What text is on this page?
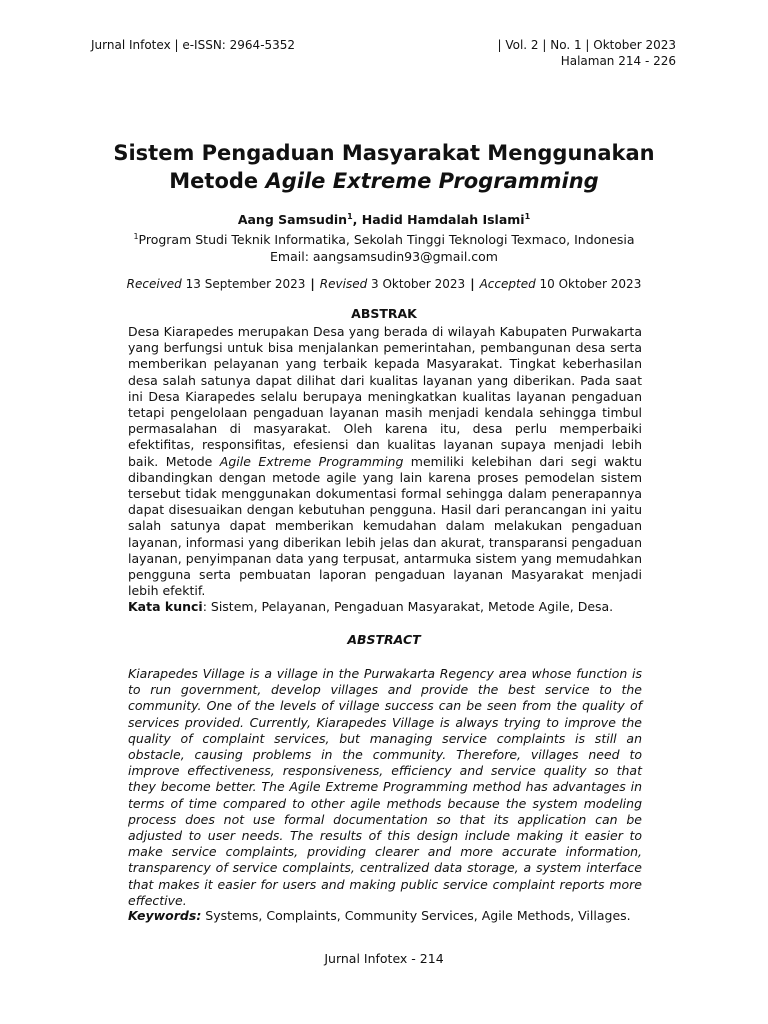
Jurnal Infotex | e-ISSN: 2964-5352	| Vol. 2 | No. 1 | Oktober 2023
Halaman 214 - 226
Sistem Pengaduan Masyarakat Menggunakan
Metode Agile Extreme Programming
Aang Samsudin$^1$, Hadid Hamdalah Islami$^1$
$^1$Program Studi Teknik Informatika, Sekolah Tinggi Teknologi Texmaco, Indonesia
Email: aangsamsudin93@gmail.com
Received 13 September 2023 | Revised 3 Oktober 2023 | Accepted 10 Oktober 2023
ABSTRAK

Desa Kiarapedes merupakan Desa yang berada di wilayah Kabupaten Purwakarta yang berfungsi untuk bisa menjalankan pemerintahan, pembangunan desa serta memberikan pelayanan yang terbaik kepada Masyarakat. Tingkat keberhasilan desa salah satunya dapat dilihat dari kualitas layanan yang diberikan. Pada saat ini Desa Kiarapedes selalu berupaya meningkatkan kualitas layanan pengaduan tetapi pengelolaan pengaduan layanan masih menjadi kendala sehingga timbul permasalahan di masyarakat. Oleh karena itu, desa perlu memperbaiki efektifitas, responsifitas, efesiensi dan kualitas layanan supaya menjadi lebih baik. Metode Agile Extreme Programming memiliki kelebihan dari segi waktu dibandingkan dengan metode agile yang lain karena proses pemodelan sistem tersebut tidak menggunakan dokumentasi formal sehingga dalam penerapannya dapat disesuaikan dengan kebutuhan pengguna. Hasil dari perancangan ini yaitu salah satunya dapat memberikan kemudahan dalam melakukan pengaduan layanan, informasi yang diberikan lebih jelas dan akurat, transparansi pengaduan layanan, penyimpanan data yang terpusat, antarmuka sistem yang memudahkan pengguna serta pembuatan laporan pengaduan layanan Masyarakat menjadi lebih efektif.

Kata kunci: Sistem, Pelayanan, Pengaduan Masyarakat, Metode Agile, Desa.
ABSTRACT

Kiarapedes Village is a village in the Purwakarta Regency area whose function is to run government, develop villages and provide the best service to the community. One of the levels of village success can be seen from the quality of services provided. Currently, Kiarapedes Village is always trying to improve the quality of complaint services, but managing service complaints is still an obstacle, causing problems in the community. Therefore, villages need to improve effectiveness, responsiveness, efficiency and service quality so that they become better. The Agile Extreme Programming method has advantages in terms of time compared to other agile methods because the system modeling process does not use formal documentation so that its application can be adjusted to user needs. The results of this design include making it easier to make service complaints, providing clearer and more accurate information, transparency of service complaints, centralized data storage, a system interface that makes it easier for users and making public service complaint reports more effective.

Keywords: Systems, Complaints, Community Services, Agile Methods, Villages.
Jurnal Infotex - 214
